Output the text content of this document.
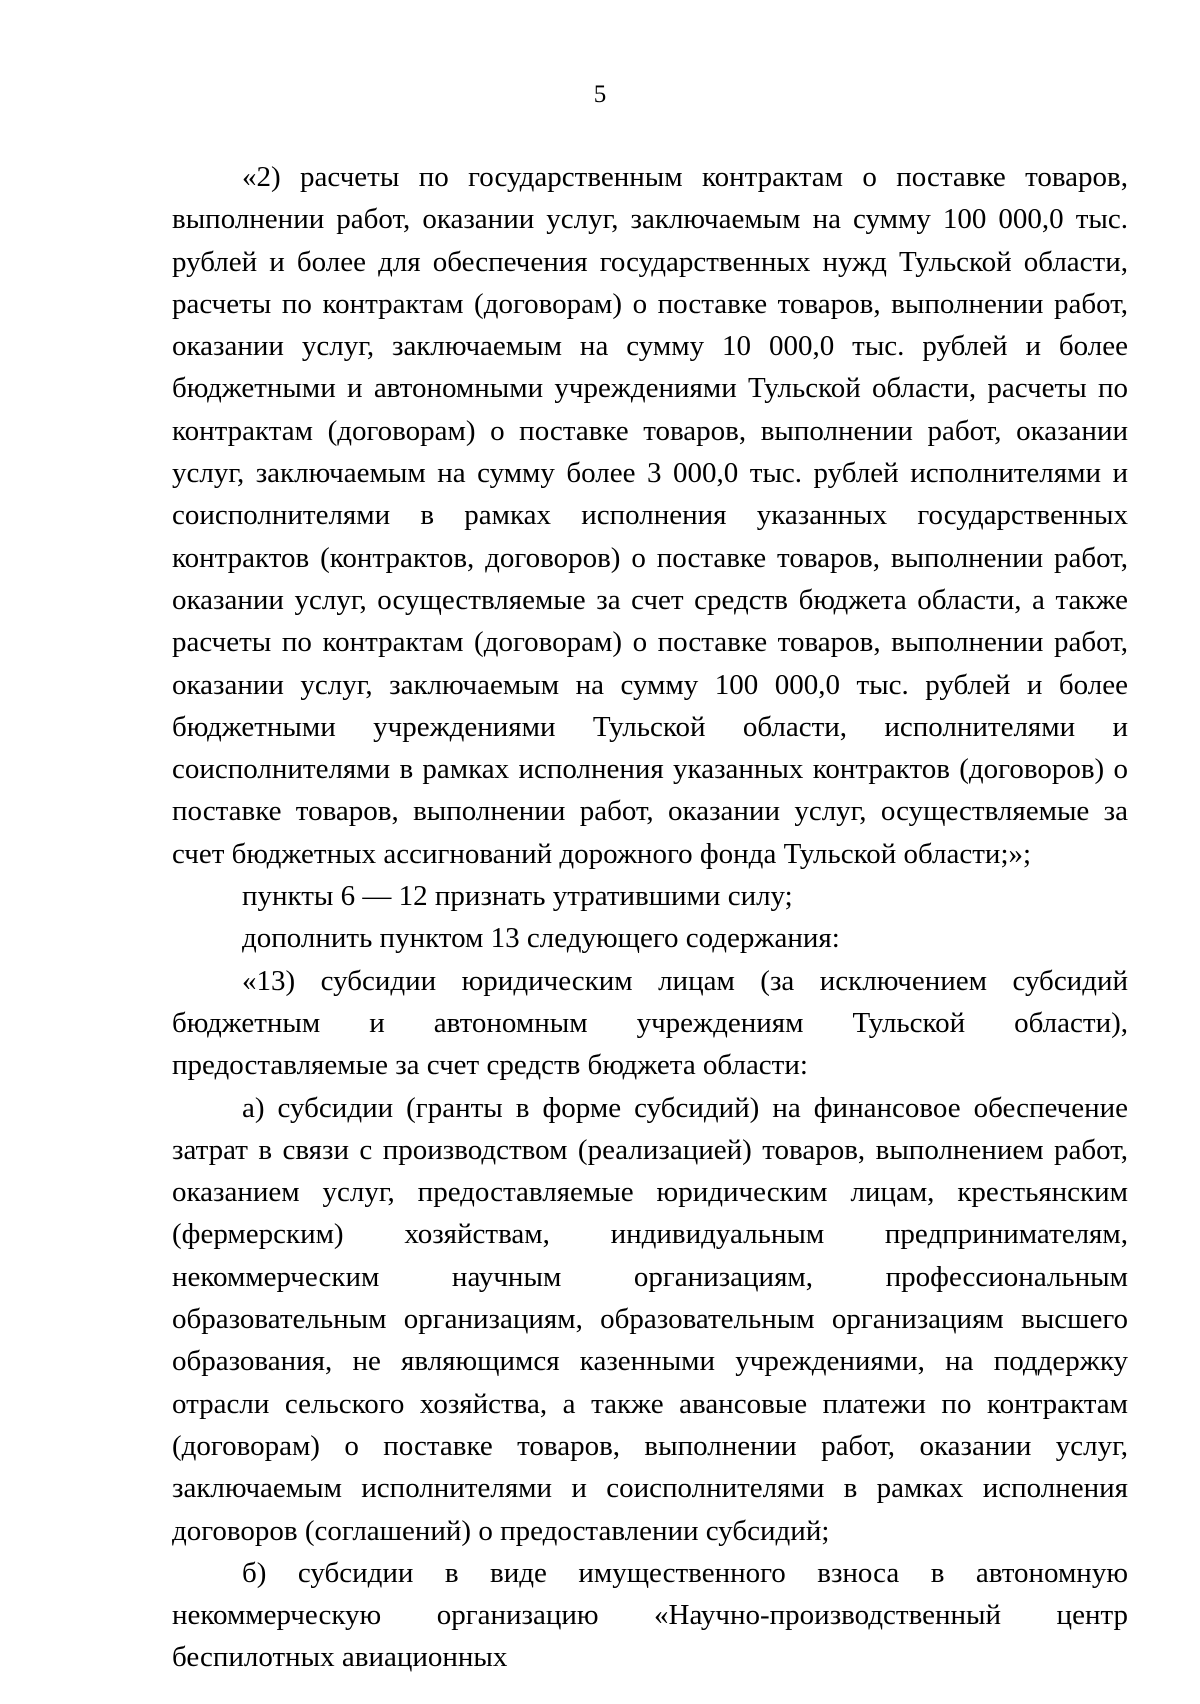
5

«2) расчеты по государственным контрактам о поставке товаров, выполнении работ, оказании услуг, заключаемым на сумму 100 000,0 тыс. рублей и более для обеспечения государственных нужд Тульской области, расчеты по контрактам (договорам) о поставке товаров, выполнении работ, оказании услуг, заключаемым на сумму 10 000,0 тыс. рублей и более бюджетными и автономными учреждениями Тульской области, расчеты по контрактам (договорам) о поставке товаров, выполнении работ, оказании услуг, заключаемым на сумму более 3 000,0 тыс. рублей исполнителями и соисполнителями в рамках исполнения указанных государственных контрактов (контрактов, договоров) о поставке товаров, выполнении работ, оказании услуг, осуществляемые за счет средств бюджета области, а также расчеты по контрактам (договорам) о поставке товаров, выполнении работ, оказании услуг, заключаемым на сумму 100 000,0 тыс. рублей и более бюджетными учреждениями Тульской области, исполнителями и соисполнителями в рамках исполнения указанных контрактов (договоров) о поставке товаров, выполнении работ, оказании услуг, осуществляемые за счет бюджетных ассигнований дорожного фонда Тульской области;»;

пункты 6 — 12 признать утратившими силу;

дополнить пунктом 13 следующего содержания:

«13) субсидии юридическим лицам (за исключением субсидий бюджетным и автономным учреждениям Тульской области), предоставляемые за счет средств бюджета области:

а) субсидии (гранты в форме субсидий) на финансовое обеспечение затрат в связи с производством (реализацией) товаров, выполнением работ, оказанием услуг, предоставляемые юридическим лицам, крестьянским (фермерским) хозяйствам, индивидуальным предпринимателям, некоммерческим научным организациям, профессиональным образовательным организациям, образовательным организациям высшего образования, не являющимся казенными учреждениями, на поддержку отрасли сельского хозяйства, а также авансовые платежи по контрактам (договорам) о поставке товаров, выполнении работ, оказании услуг, заключаемым исполнителями и соисполнителями в рамках исполнения договоров (соглашений) о предоставлении субсидий;

б) субсидии в виде имущественного взноса в автономную некоммерческую организацию «Научно-производственный центр беспилотных авиационных
